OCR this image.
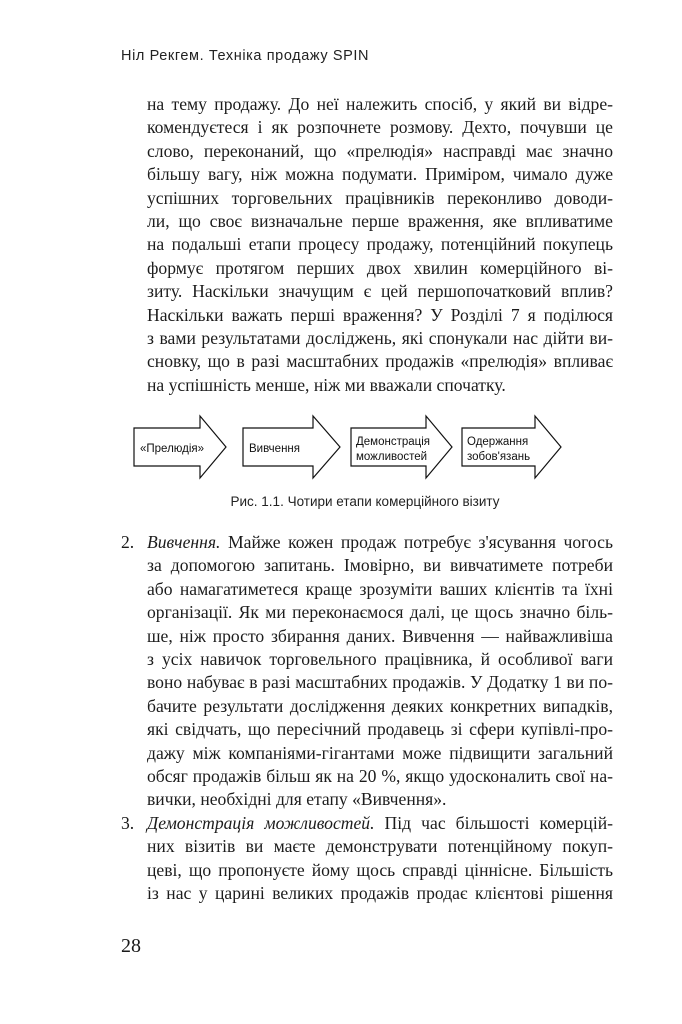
Ніл Рекгем. Техніка продажу SPIN
на тему продажу. До неї належить спосіб, у який ви відре-
комендуєтеся і як розпочнете розмову. Дехто, почувши це
слово, переконаний, що «прелюдія» насправді має значно
більшу вагу, ніж можна подумати. Приміром, чимало дуже
успішних торговельних працівників переконливо доводи-
ли, що своє визначальне перше враження, яке впливатиме
на подальші етапи процесу продажу, потенційний покупець
формує протягом перших двох хвилин комерційного ві-
зиту. Наскільки значущим є цей першопочатковий вплив?
Наскільки важать перші враження? У Розділі 7 я поділюся
з вами результатами досліджень, які спонукали нас дійти ви-
сновку, що в разі масштабних продажів «прелюдія» впливає
на успішність менше, ніж ми вважали спочатку.
«Прелюдія»	Вивчення
Демонстрація
можливостей
Одержання
зобов'язань
Рис. 1.1. Чотири етапи комерційного візиту
2. Вивчення. Майже кожен продаж потребує з'ясування чогось
за допомогою запитань. Імовірно, ви вивчатимете потреби
або намагатиметеся краще зрозуміти ваших клієнтів та їхні
організації. Як ми переконаємося далі, це щось значно біль-
ше, ніж просто збирання даних. Вивчення — найважливіша
з усіх навичок торговельного працівника, й особливої ваги
воно набуває в разі масштабних продажів. У Додатку 1 ви по-
бачите результати дослідження деяких конкретних випадків,
які свідчать, що пересічний продавець зі сфери купівлі-про-
дажу між компаніями-гігантами може підвищити загальний
обсяг продажів більш як на 20 %, якщо удосконалить свої на-
вички, необхідні для етапу «Вивчення».
3. Демонстрація можливостей. Під час більшості комерцій-
них візитів ви маєте демонструвати потенційному покуп-
цеві, що пропонуєте йому щось справді ціннісне. Більшість
із нас у царині великих продажів продає клієнтові рішення
28
